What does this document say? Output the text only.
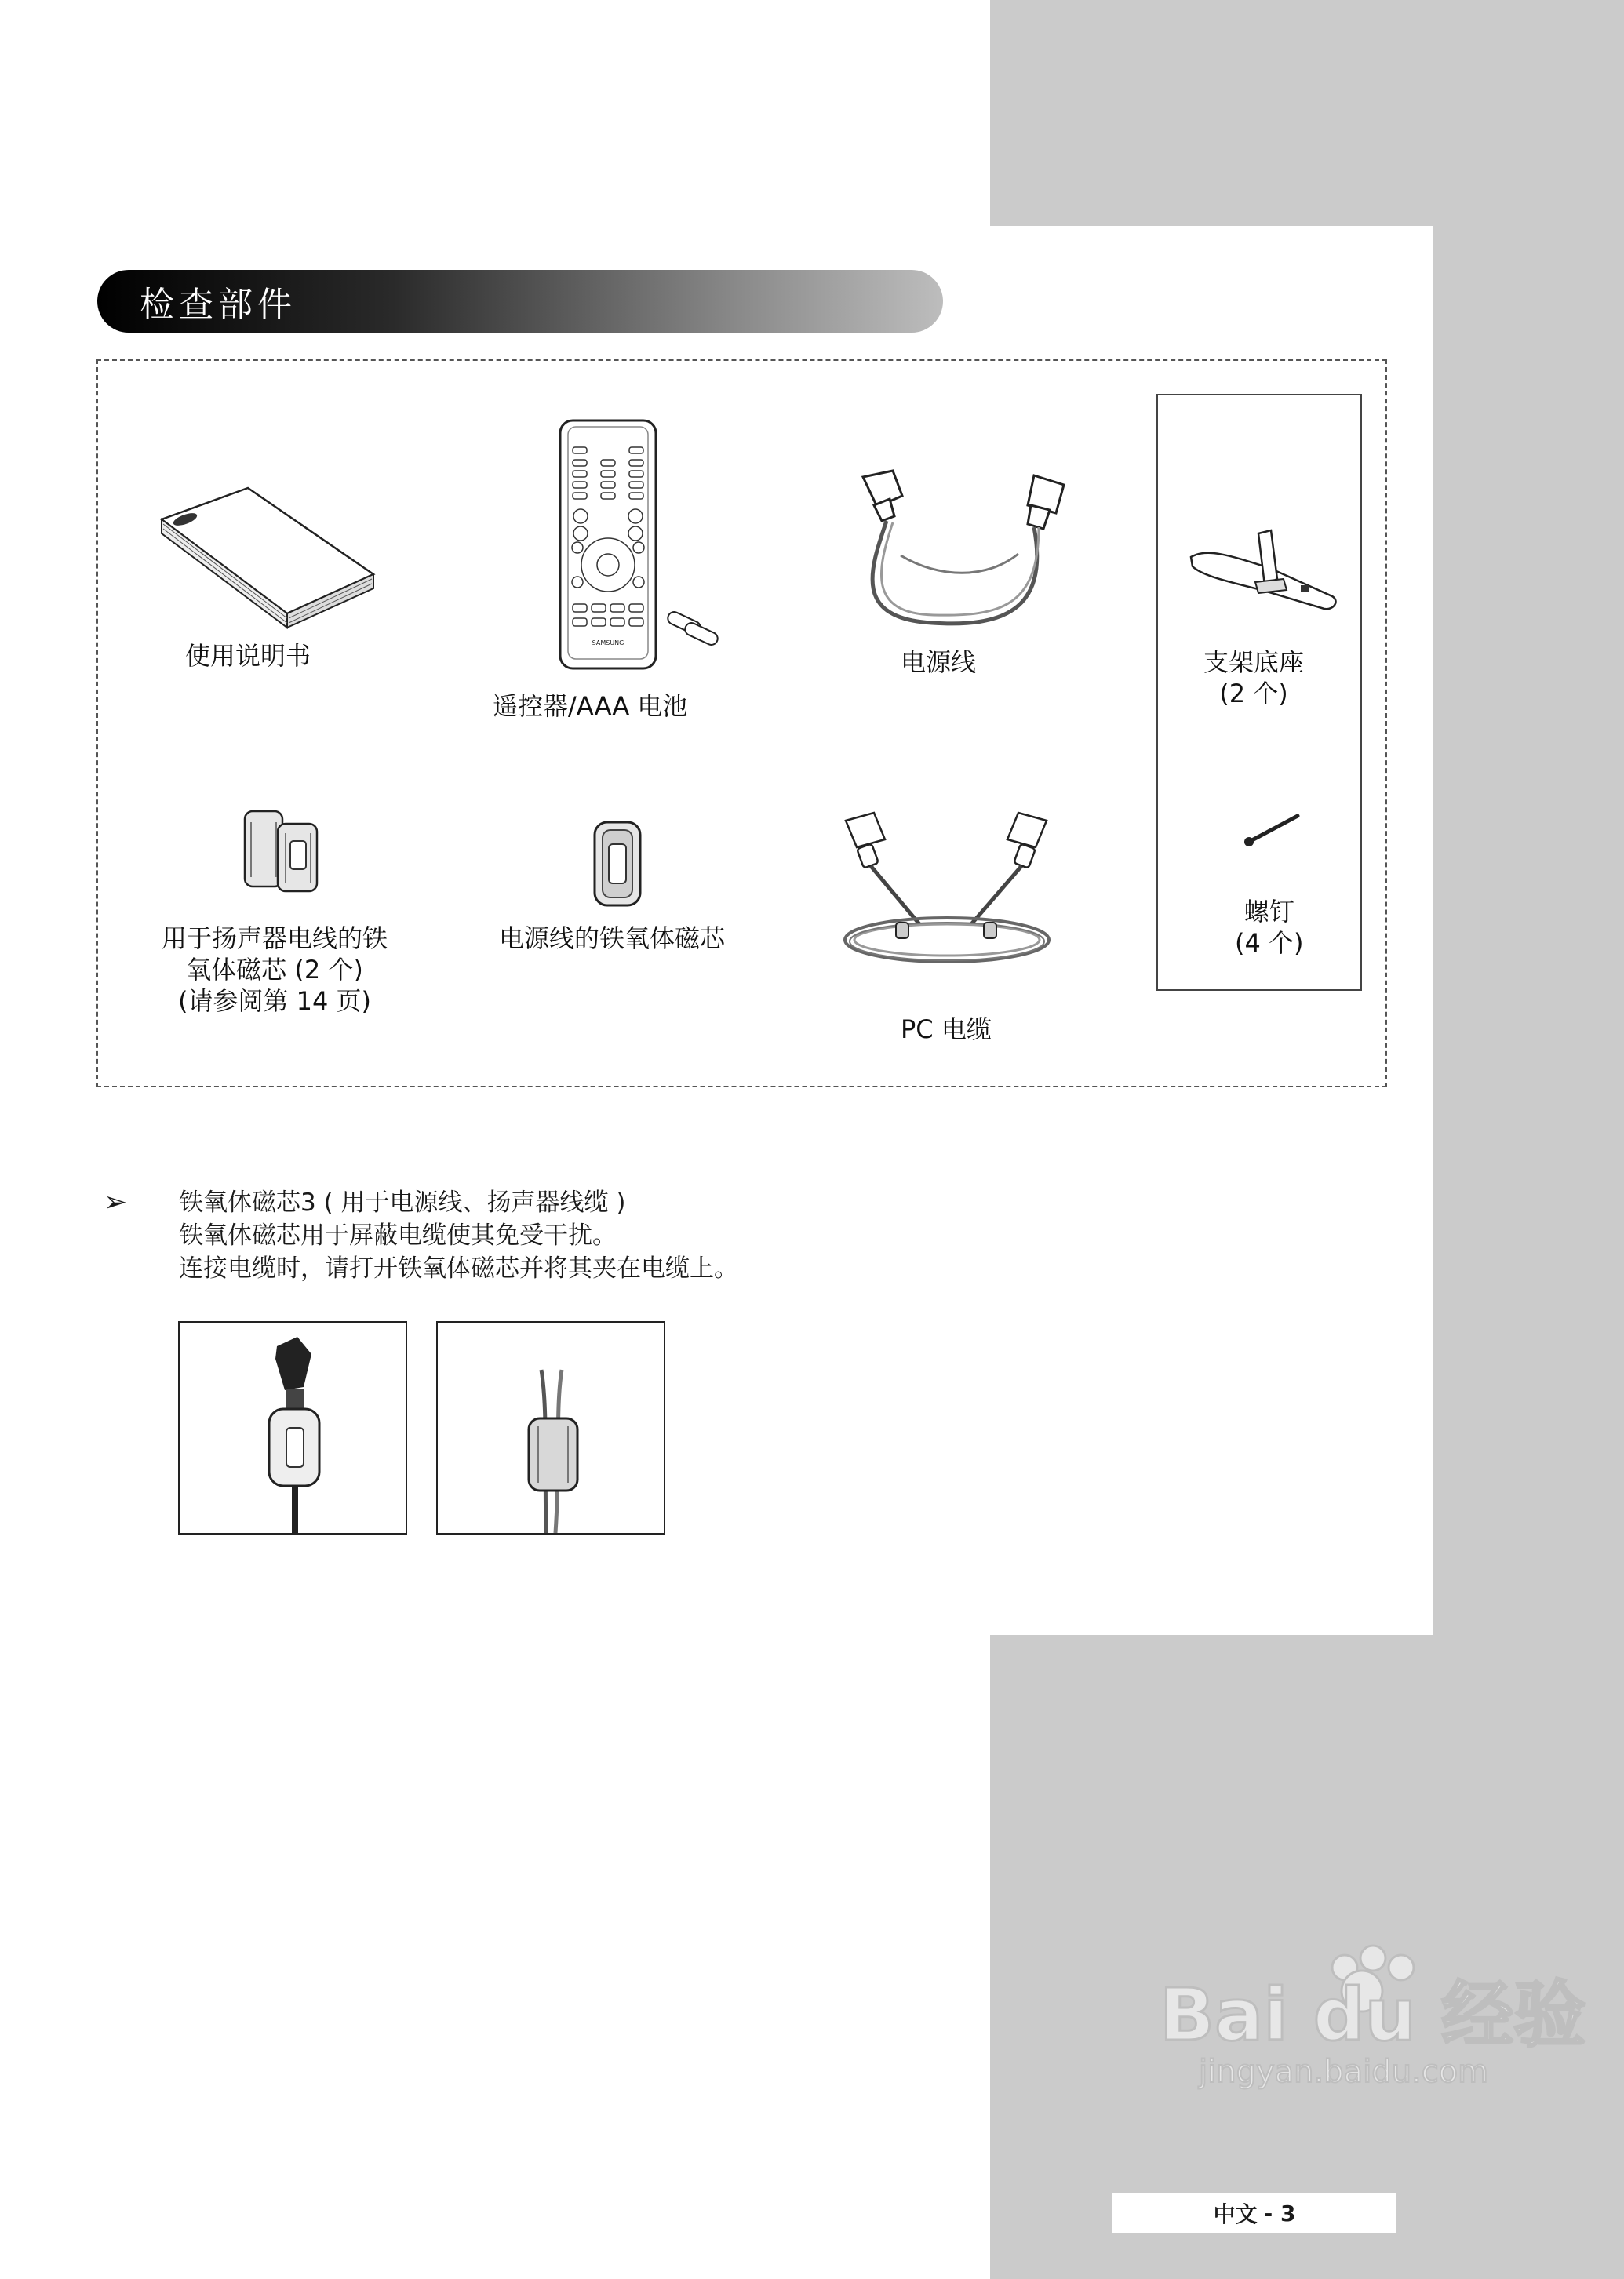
检查部件
使用说明书	SAMSUNG
遥控器/AAA 电池
电源线	支架底座
(2 个)
用于扬声器电线的铁
氧体磁芯 (2 个)
(请参阅第 14 页)
电源线的铁氧体磁芯
PC 电缆
螺钉
(4 个)
➢ 铁氧体磁芯3 ( 用于电源线、扬声器线缆 )
铁氧体磁芯用于屏蔽电缆使其免受干扰。
连接电缆时，请打开铁氧体磁芯并将其夹在电缆上。
Bai du 经验
jingyan.baidu.com
中文 - 3
